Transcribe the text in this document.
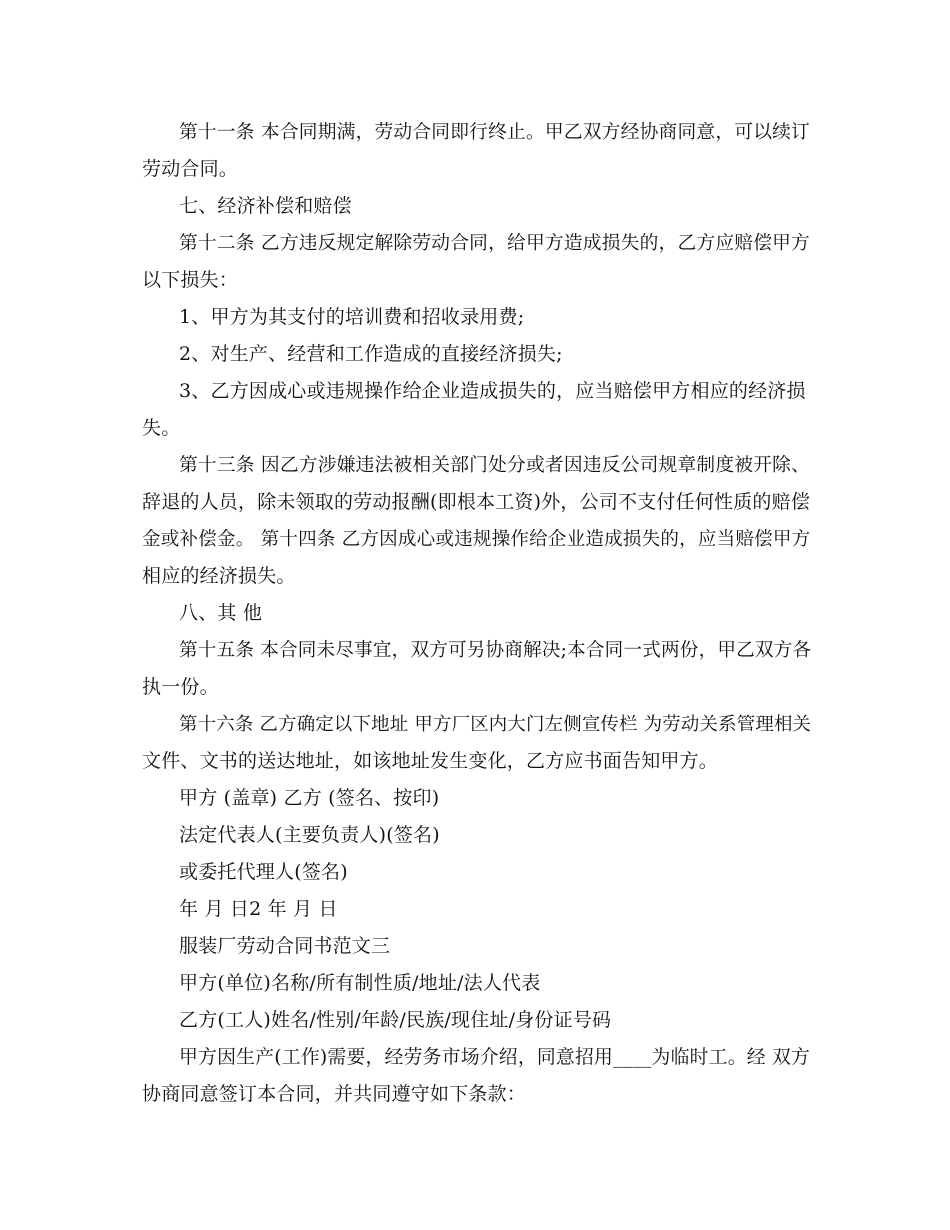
第十一条 本合同期满，劳动合同即行终止。甲乙双方经协商同意，可以续订
劳动合同。
七、经济补偿和赔偿
第十二条 乙方违反规定解除劳动合同，给甲方造成损失的，乙方应赔偿甲方
以下损失：
1、甲方为其支付的培训费和招收录用费;
2、对生产、经营和工作造成的直接经济损失;
3、乙方因成心或违规操作给企业造成损失的，应当赔偿甲方相应的经济损
失。
第十三条 因乙方涉嫌违法被相关部门处分或者因违反公司规章制度被开除、
辞退的人员，除未领取的劳动报酬(即根本工资)外，公司不支付任何性质的赔偿
金或补偿金。 第十四条 乙方因成心或违规操作给企业造成损失的，应当赔偿甲方
相应的经济损失。
八、其 他
第十五条 本合同未尽事宜，双方可另协商解决;本合同一式两份，甲乙双方各
执一份。
第十六条 乙方确定以下地址 甲方厂区内大门左侧宣传栏 为劳动关系管理相关
文件、文书的送达地址，如该地址发生变化，乙方应书面告知甲方。
甲方 (盖章) 乙方 (签名、按印)
法定代表人(主要负责人)(签名)
或委托代理人(签名)
年 月 日2 年 月 日
服装厂劳动合同书范文三
甲方(单位)名称/所有制性质/地址/法人代表
乙方(工人)姓名/性别/年龄/民族/现住址/身份证号码
甲方因生产(工作)需要，经劳务市场介绍，同意招用____为临时工。经 双方
协商同意签订本合同，并共同遵守如下条款：
